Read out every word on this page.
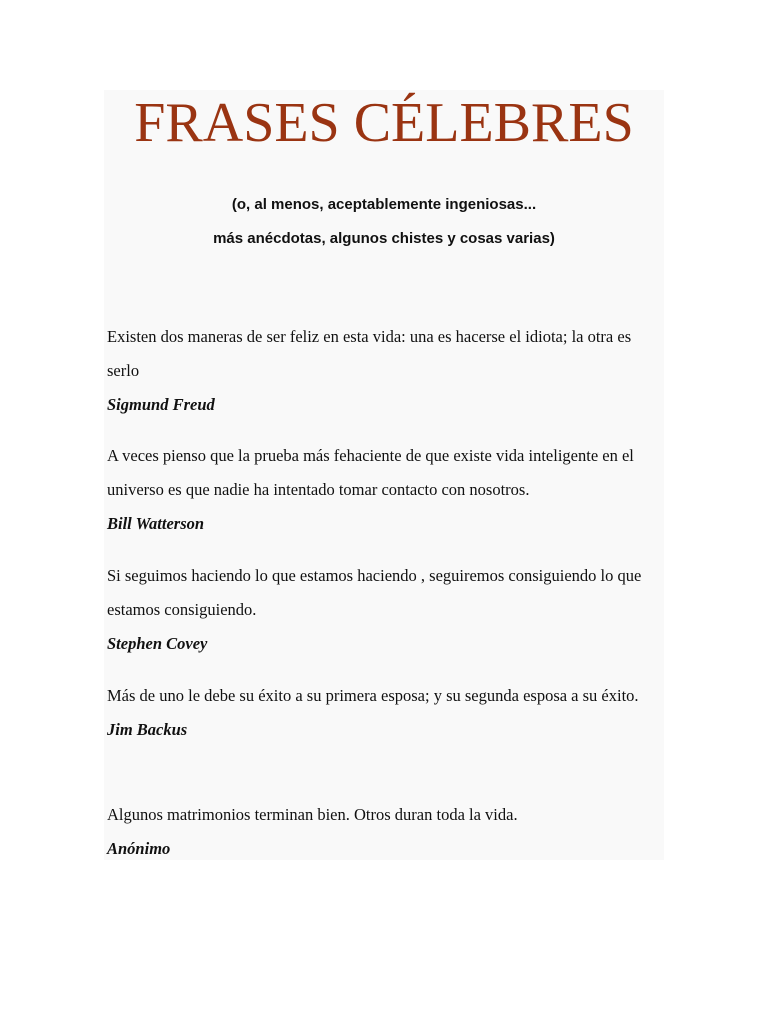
FRASES CÉLEBRES
(o, al menos, aceptablemente ingeniosas...
más anécdotas, algunos chistes y cosas varias)
Existen dos maneras de ser feliz en esta vida: una es hacerse el idiota; la otra es serlo
Sigmund Freud
A veces pienso que la prueba más fehaciente de que existe vida inteligente en el universo es que nadie ha intentado tomar contacto con nosotros.
Bill Watterson
Si seguimos haciendo lo que estamos haciendo , seguiremos consiguiendo lo que estamos consiguiendo.
Stephen Covey
Más de uno le debe su éxito a su primera esposa; y su segunda esposa a su éxito.
Jim Backus
Algunos matrimonios terminan bien. Otros duran toda la vida.
Anónimo
